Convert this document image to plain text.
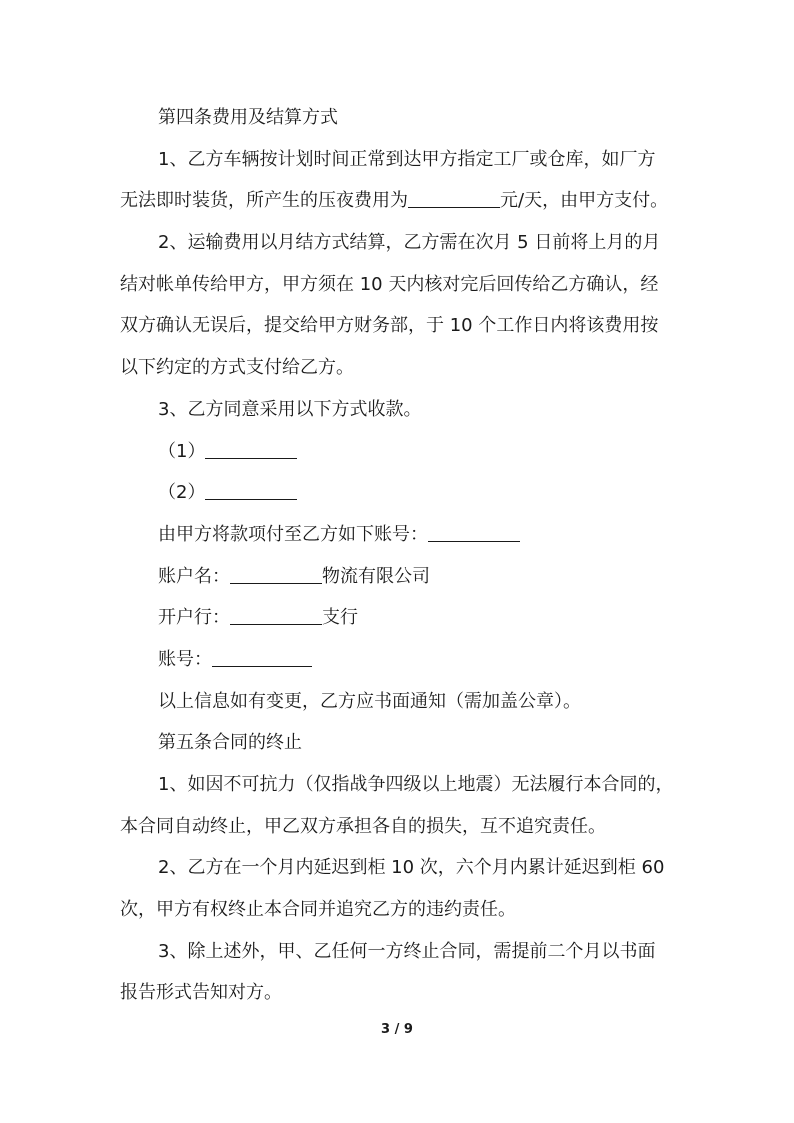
第四条费用及结算方式
1、乙方车辆按计划时间正常到达甲方指定工厂或仓库，如厂方
无法即时装货，所产生的压夜费用为	元/天，由甲方支付。
2、运输费用以月结方式结算，乙方需在次月 5 日前将上月的月
结对帐单传给甲方，甲方须在 10 天内核对完后回传给乙方确认，经
双方确认无误后，提交给甲方财务部，于 10 个工作日内将该费用按
以下约定的方式支付给乙方。
3、乙方同意采用以下方式收款。
（1）
（2）
由甲方将款项付至乙方如下账号：
账户名：	物流有限公司
开户行：	支行
账号：
以上信息如有变更，乙方应书面通知（需加盖公章）。
第五条合同的终止
1、如因不可抗力（仅指战争四级以上地震）无法履行本合同的，
本合同自动终止，甲乙双方承担各自的损失，互不追究责任。
2、乙方在一个月内延迟到柜 10 次，六个月内累计延迟到柜 60
次，甲方有权终止本合同并追究乙方的违约责任。
3、除上述外，甲、乙任何一方终止合同，需提前二个月以书面
报告形式告知对方。
3 / 9
